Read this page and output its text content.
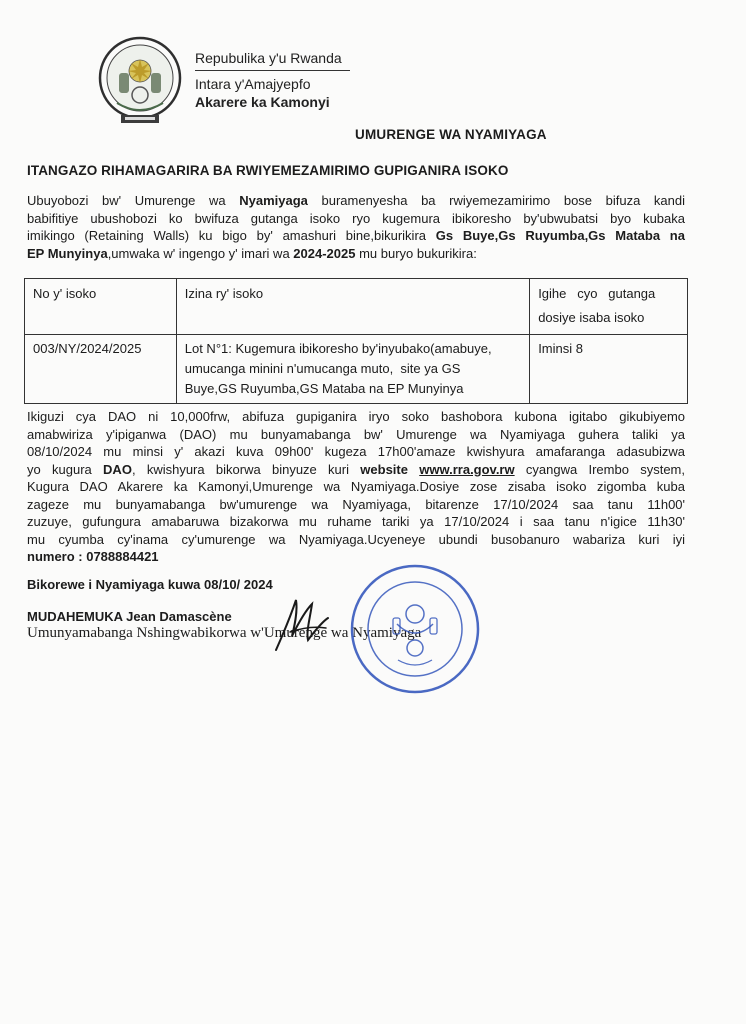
Repubulika y'u Rwanda
Intara y'Amajyepfo
Akarere ka Kamonyi
UMURENGE WA NYAMIYAGA
ITANGAZO RIHAMAGARIRA BA RWIYEMEZAMIRIMO GUPIGANIRA ISOKO
Ubuyobozi bw' Umurenge wa Nyamiyaga buramenyesha ba rwiyemezamirimo bose bifuza kandi
babifitiye ubushobozi ko bwifuza gutanga isoko ryo kugemura ibikoresho by'ubwubatsi byo kubaka
imikingo (Retaining Walls) ku bigo by' amashuri bine,bikurikira Gs Buye,Gs Ruyumba,Gs Mataba na
EP Munyinya,umwaka w' ingengo y' imari wa 2024-2025 mu buryo bukurikira:
No y' isoko	Izina ry' isoko	Igihe   cyo   gutanga
dosiye isaba isoko

003/NY/2024/2025	Lot N°1: Kugemura ibikoresho by'inyubako(amabuye,
umucanga minini n'umucanga muto,  site ya GS
Buye,GS Ruyumba,GS Mataba na EP Munyinya	Iminsi 8
Ikiguzi cya DAO ni 10,000frw, abifuza gupiganira iryo soko bashobora kubona igitabo gikubiyemo
amabwiriza y'ipiganwa (DAO) mu bunyamabanga bw' Umurenge wa Nyamiyaga guhera taliki ya
08/10/2024 mu minsi y' akazi kuva 09h00' kugeza 17h00'amaze kwishyura amafaranga adasubizwa
yo kugura DAO, kwishyura bikorwa binyuze kuri website www.rra.gov.rw cyangwa Irembo system,
Kugura DAO Akarere ka Kamonyi,Umurenge wa Nyamiyaga.Dosiye zose zisaba isoko zigomba kuba
zageze mu bunyamabanga bw'umurenge wa Nyamiyaga, bitarenze 17/10/2024 saa tanu 11h00'
zuzuye, gufungura amabaruwa bizakorwa mu ruhame tariki ya 17/10/2024 i saa tanu n'igice 11h30'
mu cyumba cy'inama cy'umurenge wa Nyamiyaga.Ucyeneye ubundi busobanuro wabariza kuri iyi
numero : 0788884421
Bikorewe i Nyamiyaga kuwa 08/10/ 2024
MUDAHEMUKA Jean Damascène
Umunyamabanga Nshingwabikorwa w'Umurenge wa Nyamiyaga
